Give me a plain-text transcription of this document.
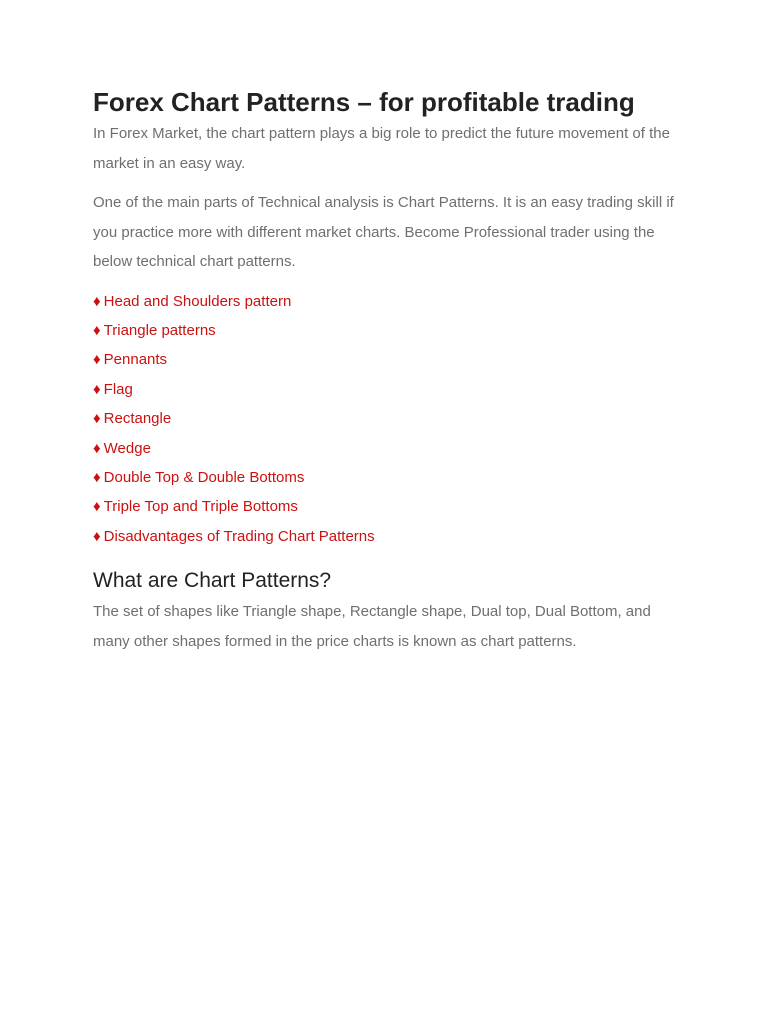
Forex Chart Patterns – for profitable trading

In Forex Market, the chart pattern plays a big role to predict the future movement of the market in an easy way.

One of the main parts of Technical analysis is Chart Patterns. It is an easy trading skill if you practice more with different market charts. Become Professional trader using the below technical chart patterns.

♦ Head and Shoulders pattern
♦ Triangle patterns
♦ Pennants
♦ Flag
♦ Rectangle
♦ Wedge
♦ Double Top & Double Bottoms
♦ Triple Top and Triple Bottoms
♦ Disadvantages of Trading Chart Patterns
What are Chart Patterns?

The set of shapes like Triangle shape, Rectangle shape, Dual top, Dual Bottom, and many other shapes formed in the price charts is known as chart patterns.
